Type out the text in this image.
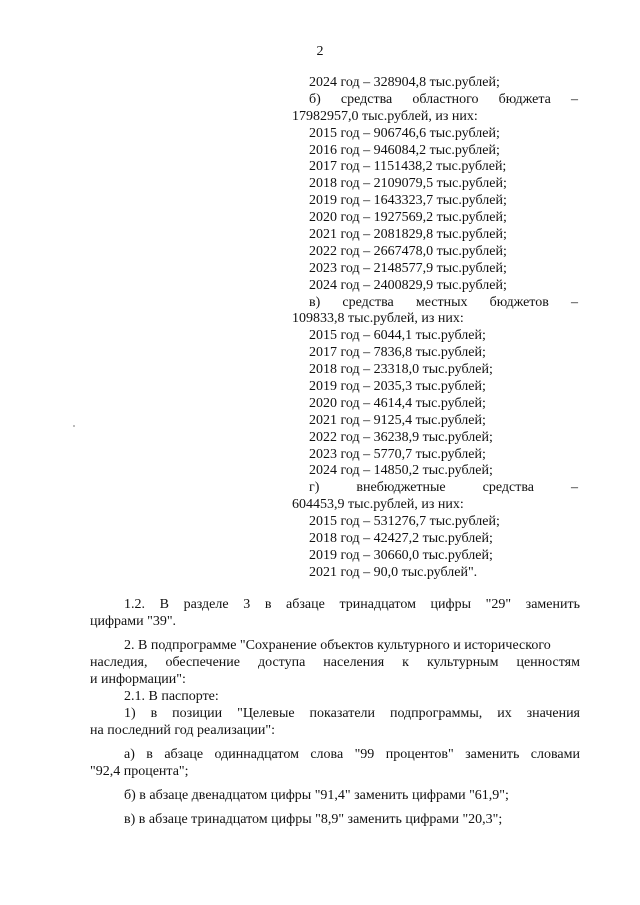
2
2024 год – 328904,8 тыс.рублей;
б) средства областного бюджета –
17982957,0 тыс.рублей, из них:
2015 год – 906746,6 тыс.рублей;
2016 год – 946084,2 тыс.рублей;
2017 год – 1151438,2 тыс.рублей;
2018 год – 2109079,5 тыс.рублей;
2019 год – 1643323,7 тыс.рублей;
2020 год – 1927569,2 тыс.рублей;
2021 год – 2081829,8 тыс.рублей;
2022 год – 2667478,0 тыс.рублей;
2023 год – 2148577,9 тыс.рублей;
2024 год – 2400829,9 тыс.рублей;
в) средства местных бюджетов –
109833,8 тыс.рублей, из них:
2015 год – 6044,1 тыс.рублей;
2017 год – 7836,8 тыс.рублей;
2018 год – 23318,0 тыс.рублей;
2019 год – 2035,3 тыс.рублей;
2020 год – 4614,4 тыс.рублей;
2021 год – 9125,4 тыс.рублей;
2022 год – 36238,9 тыс.рублей;
2023 год – 5770,7 тыс.рублей;
2024 год – 14850,2 тыс.рублей;
г)	внебюджетные	средства	–
604453,9 тыс.рублей, из них:
2015 год – 531276,7 тыс.рублей;
2018 год – 42427,2 тыс.рублей;
2019 год – 30660,0 тыс.рублей;
2021 год – 90,0 тыс.рублей".
1.2. В разделе 3 в абзаце тринадцатом цифры "29" заменить
цифрами "39".
2. В подпрограмме "Сохранение объектов культурного и исторического
наследия, обеспечение доступа населения к культурным ценностям
и информации":
2.1. В паспорте:
1) в позиции "Целевые показатели подпрограммы, их значения
на последний год реализации":
а) в абзаце одиннадцатом слова "99 процентов" заменить словами
"92,4 процента";
б) в абзаце двенадцатом цифры "91,4" заменить цифрами "61,9";
в) в абзаце тринадцатом цифры "8,9" заменить цифрами "20,3";
